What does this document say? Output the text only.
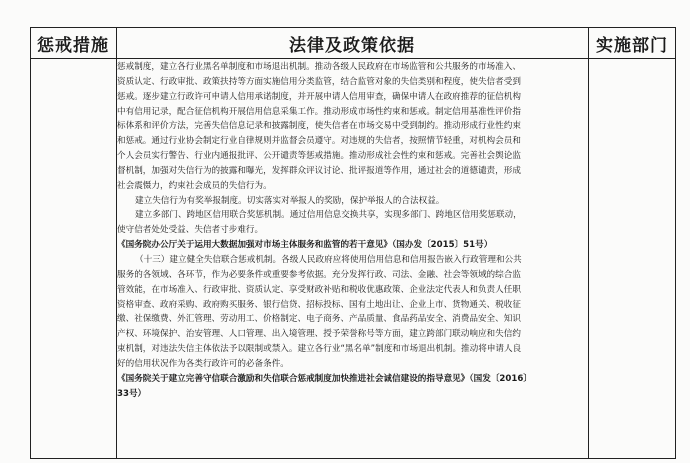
惩戒措施	法律及政策依据	实施部门
惩戒制度，建立各行业黑名单制度和市场退出机制。推动各级人民政府在市场监管和公共服务的市场准入、
资质认定、行政审批、政策扶持等方面实施信用分类监管，结合监管对象的失信类别和程度，使失信者受到
惩戒。逐步建立行政许可申请人信用承诺制度，并开展申请人信用审查，确保申请人在政府推荐的征信机构
中有信用记录，配合征信机构开展信用信息采集工作。推动形成市场性约束和惩戒。制定信用基准性评价指
标体系和评价方法，完善失信信息记录和披露制度，使失信者在市场交易中受到制约。推动形成行业性约束
和惩戒。通过行业协会制定行业自律规则并监督会员遵守。对违规的失信者，按照情节轻重，对机构会员和
个人会员实行警告、行业内通报批评、公开谴责等惩戒措施。推动形成社会性约束和惩戒。完善社会舆论监
督机制，加强对失信行为的披露和曝光，发挥群众评议讨论、批评报道等作用，通过社会的道德谴责，形成
社会震慑力，约束社会成员的失信行为。
建立失信行为有奖举报制度。切实落实对举报人的奖励，保护举报人的合法权益。
建立多部门、跨地区信用联合奖惩机制。通过信用信息交换共享，实现多部门、跨地区信用奖惩联动，
使守信者处处受益、失信者寸步难行。
《国务院办公厅关于运用大数据加强对市场主体服务和监管的若干意见》（国办发〔2015〕51号）
（十三）建立健全失信联合惩戒机制。各级人民政府应将使用信用信息和信用报告嵌入行政管理和公共
服务的各领域、各环节，作为必要条件或重要参考依据。充分发挥行政、司法、金融、社会等领域的综合监
管效能，在市场准入、行政审批、资质认定、享受财政补贴和税收优惠政策、企业法定代表人和负责人任职
资格审查、政府采购、政府购买服务、银行信贷、招标投标、国有土地出让、企业上市、货物通关、税收征
缴、社保缴费、外汇管理、劳动用工、价格制定、电子商务、产品质量、食品药品安全、消费品安全、知识
产权、环境保护、治安管理、人口管理、出入境管理、授予荣誉称号等方面，建立跨部门联动响应和失信约
束机制，对违法失信主体依法予以限制或禁入。建立各行业“黑名单”制度和市场退出机制。推动将申请人良
好的信用状况作为各类行政许可的必备条件。
《国务院关于建立完善守信联合激励和失信联合惩戒制度加快推进社会诚信建设的指导意见》（国发〔2016〕
33号）
